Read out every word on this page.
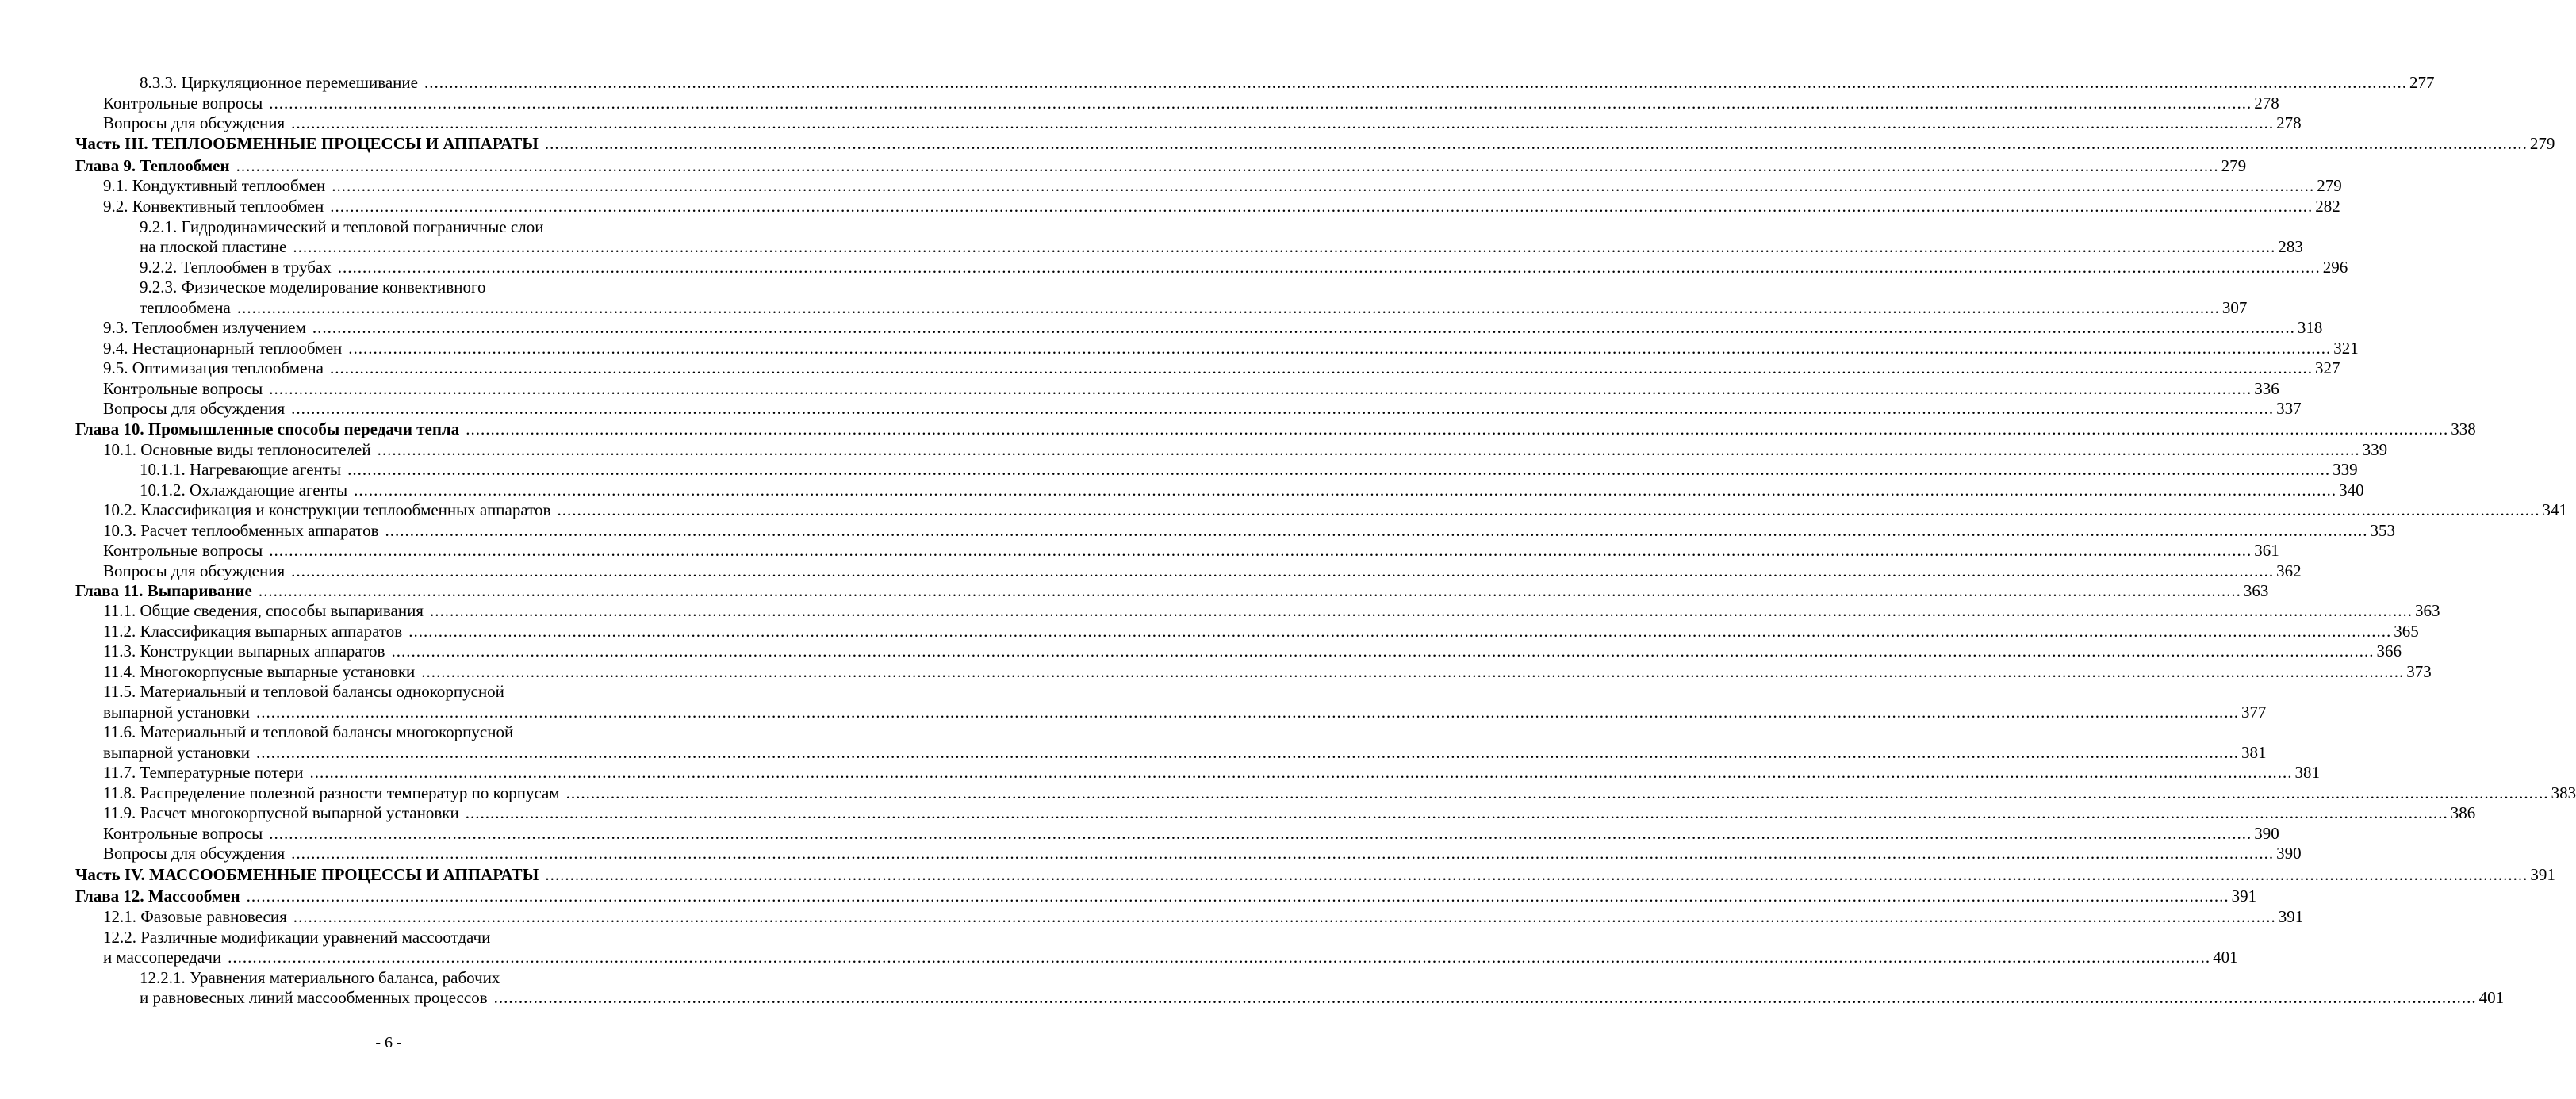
8.3.3. Циркуляционное перемешивание ................................................................................................................................................................................................................................................................................................................................................................................................................ 277
Контрольные вопросы ................................................................................................................................................................................................................................................................................................................................................................................................................ 278
Вопросы для обсуждения ................................................................................................................................................................................................................................................................................................................................................................................................................ 278
Часть III. ТЕПЛООБМЕННЫЕ ПРОЦЕССЫ И АППАРАТЫ ................................................................................................................................................................................................................................................................................................................................................................................................................ 279
Глава 9. Теплообмен ................................................................................................................................................................................................................................................................................................................................................................................................................ 279
9.1. Кондуктивный теплообмен ................................................................................................................................................................................................................................................................................................................................................................................................................ 279
9.2. Конвективный теплообмен ................................................................................................................................................................................................................................................................................................................................................................................................................ 282
9.2.1. Гидродинамический и тепловой пограничные слои
на плоской пластине ................................................................................................................................................................................................................................................................................................................................................................................................................ 283
9.2.2. Теплообмен в трубах ................................................................................................................................................................................................................................................................................................................................................................................................................ 296
9.2.3. Физическое моделирование конвективного
теплообмена ................................................................................................................................................................................................................................................................................................................................................................................................................ 307
9.3. Теплообмен излучением ................................................................................................................................................................................................................................................................................................................................................................................................................ 318
9.4. Нестационарный теплообмен ................................................................................................................................................................................................................................................................................................................................................................................................................ 321
9.5. Оптимизация теплообмена ................................................................................................................................................................................................................................................................................................................................................................................................................ 327
Контрольные вопросы ................................................................................................................................................................................................................................................................................................................................................................................................................ 336
Вопросы для обсуждения ................................................................................................................................................................................................................................................................................................................................................................................................................ 337
Глава 10. Промышленные способы передачи тепла ................................................................................................................................................................................................................................................................................................................................................................................................................ 338
10.1. Основные виды теплоносителей ................................................................................................................................................................................................................................................................................................................................................................................................................ 339
10.1.1. Нагревающие агенты ................................................................................................................................................................................................................................................................................................................................................................................................................ 339
10.1.2. Охлаждающие агенты ................................................................................................................................................................................................................................................................................................................................................................................................................ 340
10.2. Классификация и конструкции теплообменных аппаратов ................................................................................................................................................................................................................................................................................................................................................................................................................ 341
10.3. Расчет теплообменных аппаратов ................................................................................................................................................................................................................................................................................................................................................................................................................ 353
Контрольные вопросы ................................................................................................................................................................................................................................................................................................................................................................................................................ 361
Вопросы для обсуждения ................................................................................................................................................................................................................................................................................................................................................................................................................ 362
Глава 11. Выпаривание ................................................................................................................................................................................................................................................................................................................................................................................................................ 363
11.1. Общие сведения, способы выпаривания ................................................................................................................................................................................................................................................................................................................................................................................................................ 363
11.2. Классификация выпарных аппаратов ................................................................................................................................................................................................................................................................................................................................................................................................................ 365
11.3. Конструкции выпарных аппаратов ................................................................................................................................................................................................................................................................................................................................................................................................................ 366
11.4. Многокорпусные выпарные установки ................................................................................................................................................................................................................................................................................................................................................................................................................ 373
11.5. Материальный и тепловой балансы однокорпусной
выпарной установки ................................................................................................................................................................................................................................................................................................................................................................................................................ 377
11.6. Материальный и тепловой балансы многокорпусной
выпарной установки ................................................................................................................................................................................................................................................................................................................................................................................................................ 381
11.7. Температурные потери ................................................................................................................................................................................................................................................................................................................................................................................................................ 381
11.8. Распределение полезной разности температур по корпусам ................................................................................................................................................................................................................................................................................................................................................................................................................ 383
11.9. Расчет многокорпусной выпарной установки ................................................................................................................................................................................................................................................................................................................................................................................................................ 386
Контрольные вопросы ................................................................................................................................................................................................................................................................................................................................................................................................................ 390
Вопросы для обсуждения ................................................................................................................................................................................................................................................................................................................................................................................................................ 390
Часть IV. МАССООБМЕННЫЕ ПРОЦЕССЫ И АППАРАТЫ ................................................................................................................................................................................................................................................................................................................................................................................................................ 391
Глава 12. Массообмен ................................................................................................................................................................................................................................................................................................................................................................................................................ 391
12.1. Фазовые равновесия ................................................................................................................................................................................................................................................................................................................................................................................................................ 391
12.2. Различные модификации уравнений массоотдачи
и массопередачи ................................................................................................................................................................................................................................................................................................................................................................................................................ 401
12.2.1. Уравнения материального баланса, рабочих
и равновесных линий массообменных процессов ................................................................................................................................................................................................................................................................................................................................................................................................................ 401
- 6 -
